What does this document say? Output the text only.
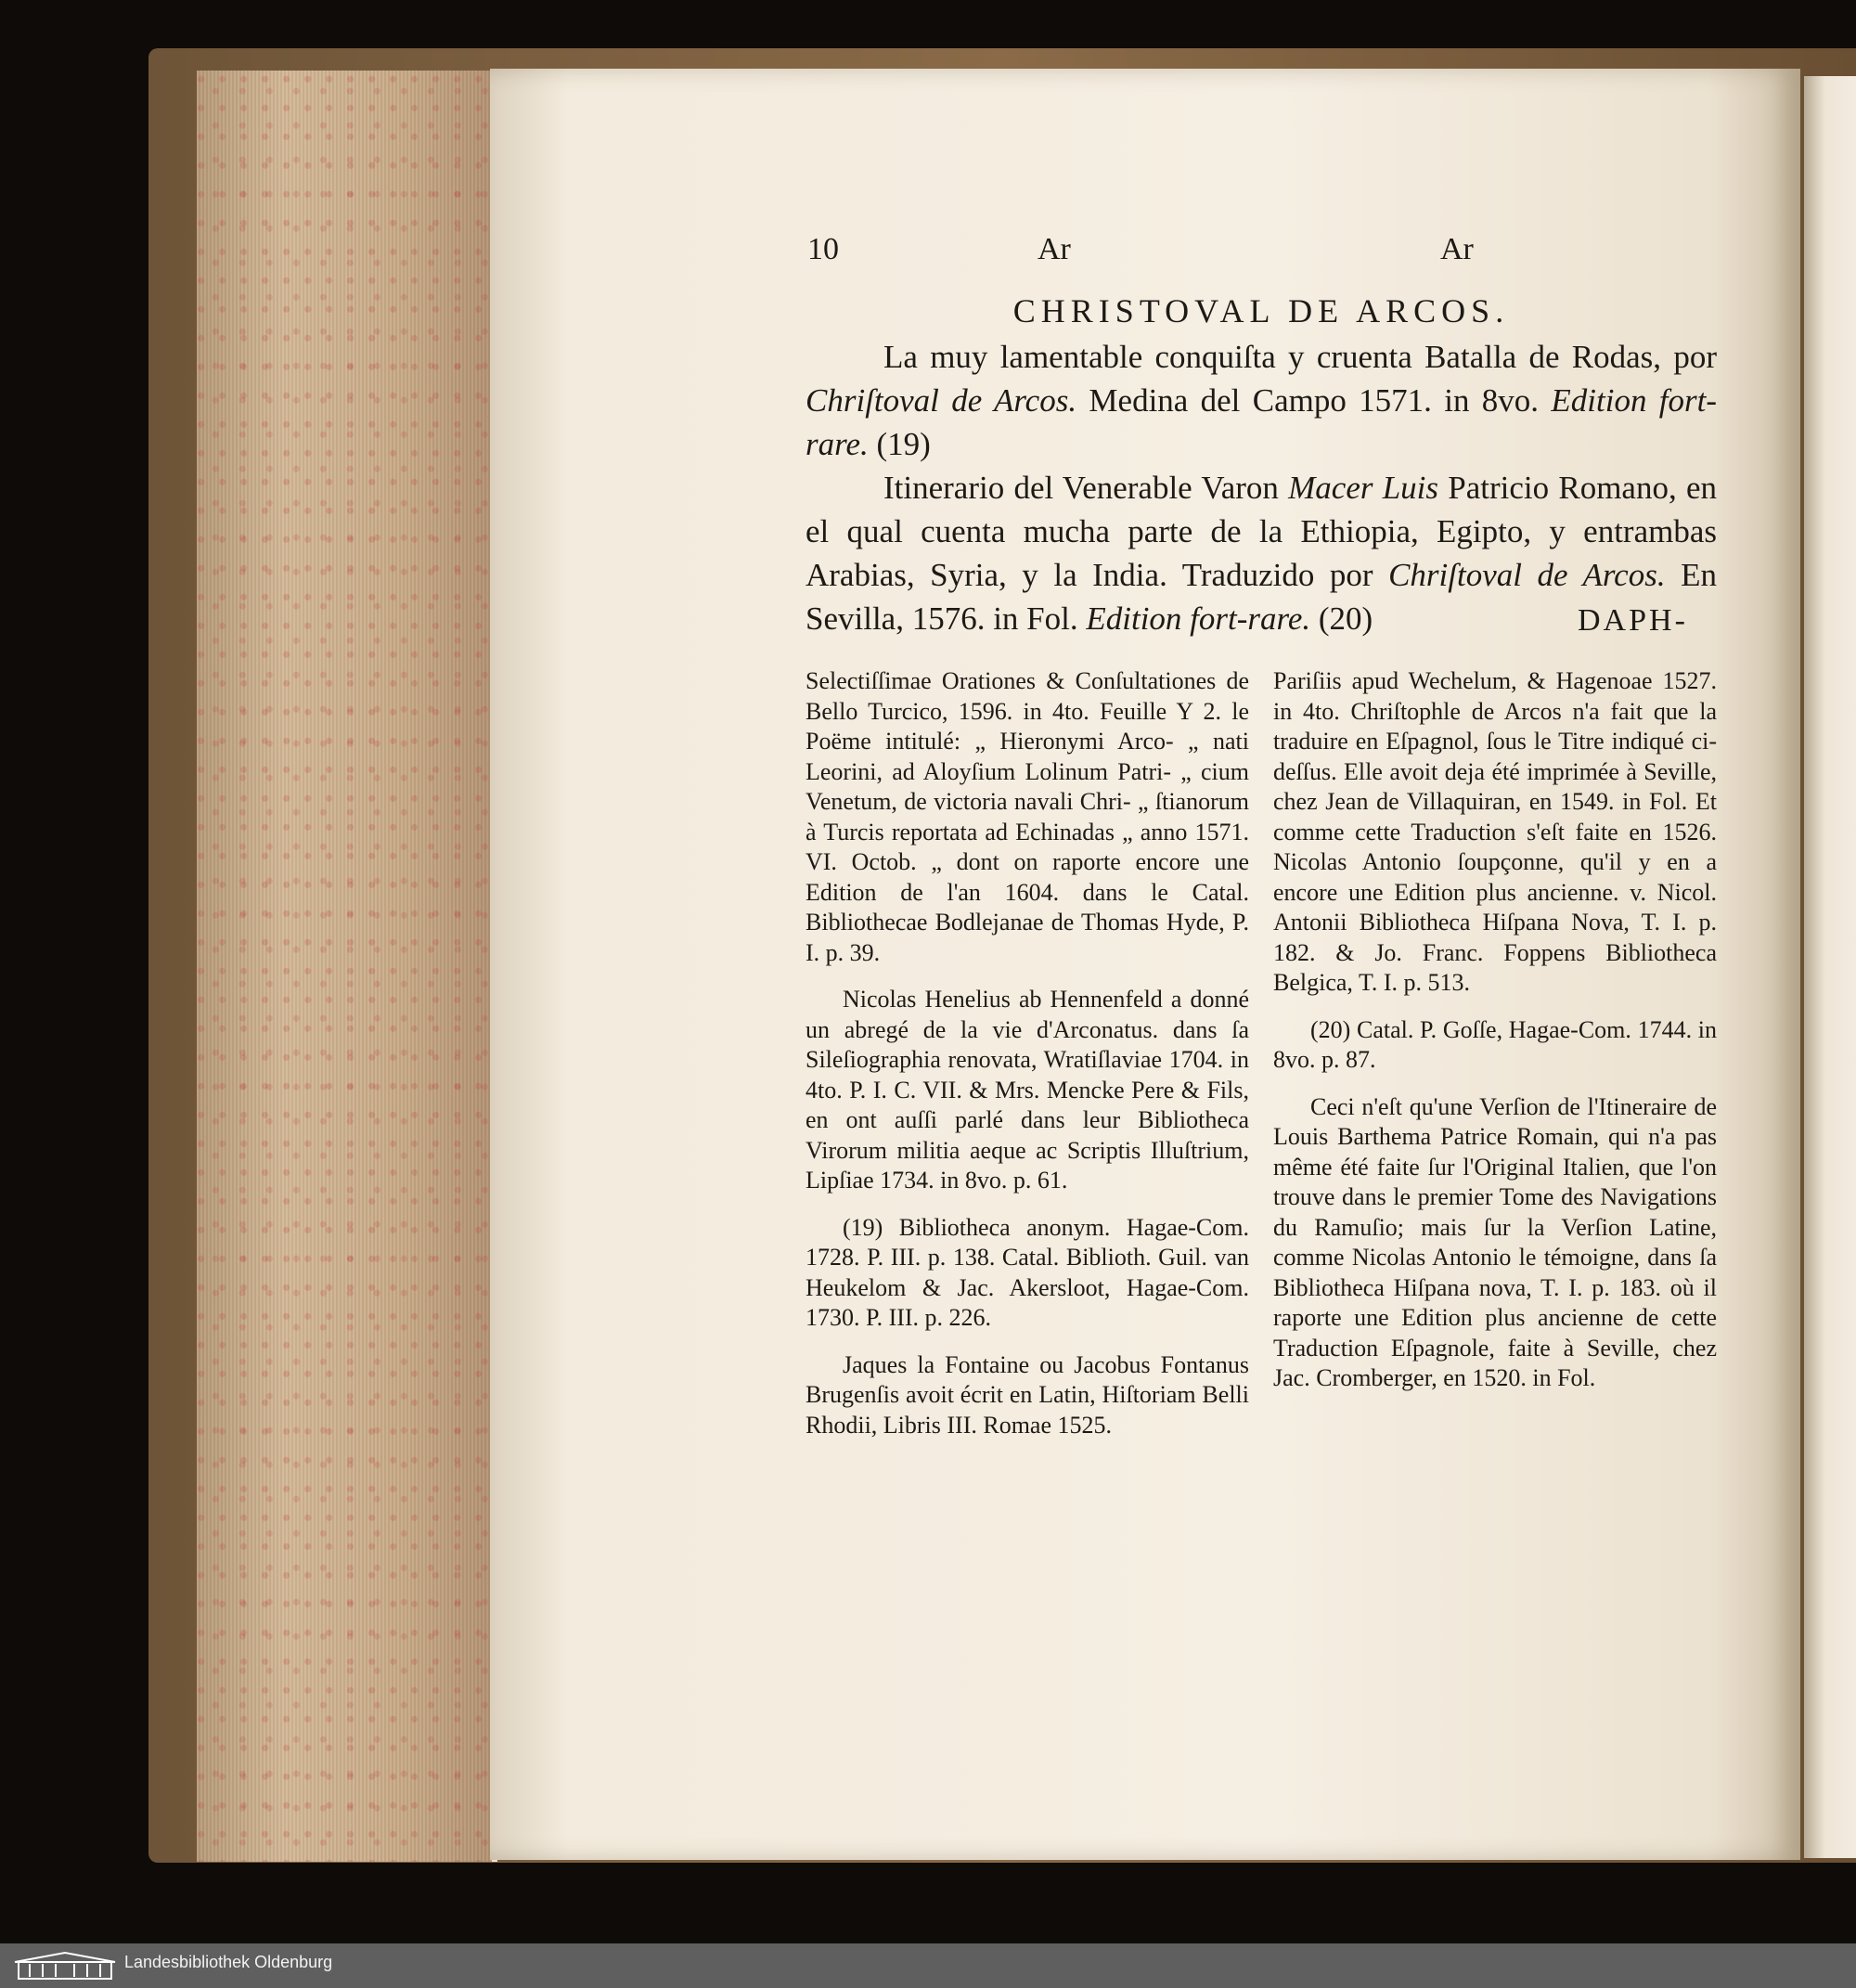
10	Ar	Ar
CHRISTOVAL DE ARCOS.

La muy lamentable conquiſta y cruenta Batalla de Rodas, por Chriſtoval de Arcos. Medina del Campo 1571. in 8vo. Edition fort-rare. (19)

Itinerario del Venerable Varon Macer Luis Patricio Romano, en el qual cuenta mucha parte de la Ethiopia, Egipto, y entrambas Arabias, Syria, y la India. Traduzido por Chriſtoval de Arcos. En Sevilla, 1576. in Fol. Edition fort-rare. (20)	DAPH-

Selectiſſimae Orationes & Conſultationes de Bello Turcico, 1596. in 4to. Feuille Y 2. le Poëme intitulé: „ Hieronymi Arco- „ nati Leorini, ad Aloyſium Lolinum Patri- „ cium Venetum, de victoria navali Chri- „ ſtianorum à Turcis reportata ad Echinadas „ anno 1571. VI. Octob. „ dont on raporte encore une Edition de l'an 1604. dans le Catal. Bibliothecae Bodlejanae de Thomas Hyde, P. I. p. 39.

Nicolas Henelius ab Hennenfeld a donné un abregé de la vie d'Arconatus. dans ſa Sileſiographia renovata, Wratiſlaviae 1704. in 4to. P. I. C. VII. & Mrs. Mencke Pere & Fils, en ont auſſi parlé dans leur Bibliotheca Virorum militia aeque ac Scriptis Illuſtrium, Lipſiae 1734. in 8vo. p. 61.

(19) Bibliotheca anonym. Hagae-Com. 1728. P. III. p. 138. Catal. Biblioth. Guil. van Heukelom & Jac. Akersloot, Hagae-Com. 1730. P. III. p. 226.

Jaques la Fontaine ou Jacobus Fontanus Brugenſis avoit écrit en Latin, Hiſtoriam Belli Rhodii, Libris III. Romae 1525.

Pariſiis apud Wechelum, & Hagenoae 1527. in 4to. Chriſtophle de Arcos n'a fait que la traduire en Eſpagnol, ſous le Titre indiqué ci-deſſus. Elle avoit deja été imprimée à Seville, chez Jean de Villaquiran, en 1549. in Fol. Et comme cette Traduction s'eſt faite en 1526. Nicolas Antonio ſoupçonne, qu'il y en a encore une Edition plus ancienne. v. Nicol. Antonii Bibliotheca Hiſpana Nova, T. I. p. 182. & Jo. Franc. Foppens Bibliotheca Belgica, T. I. p. 513.

(20) Catal. P. Goſſe, Hagae-Com. 1744. in 8vo. p. 87.

Ceci n'eſt qu'une Verſion de l'Itineraire de Louis Barthema Patrice Romain, qui n'a pas même été faite ſur l'Original Italien, que l'on trouve dans le premier Tome des Navigations du Ramuſio; mais ſur la Verſion Latine, comme Nicolas Antonio le témoigne, dans ſa Bibliotheca Hiſpana nova, T. I. p. 183. où il raporte une Edition plus ancienne de cette Traduction Eſpagnole, faite à Seville, chez Jac. Cromberger, en 1520. in Fol.

Landesbibliothek Oldenburg
